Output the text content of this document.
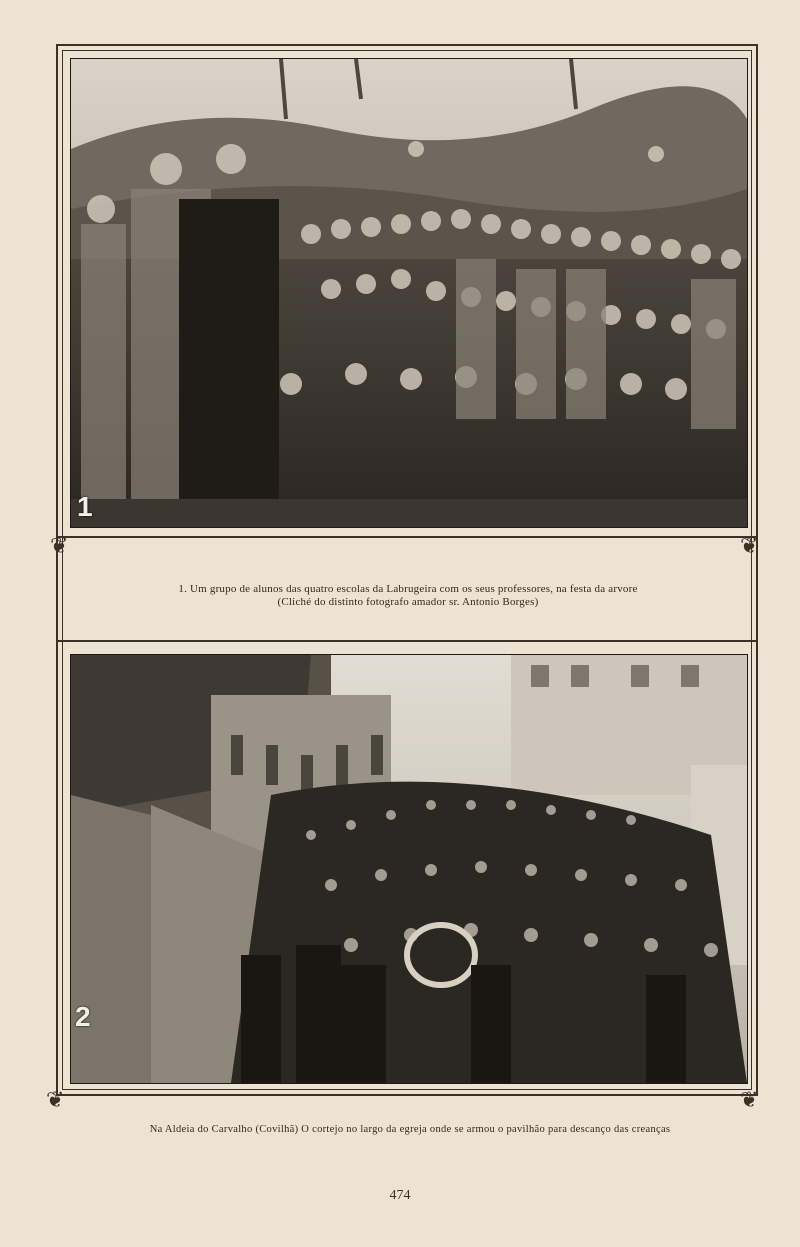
❦	❦
❦	❦
1
1. Um grupo de alunos das quatro escolas da Labrugeira com os seus professores, na festa da arvore
(Cliché do distinto fotografo amador sr. Antonio Borges)
2
Na Aldeia do Carvalho (Covilhã) O cortejo no largo da egreja onde se armou o pavilhão para descanço das creanças
474
